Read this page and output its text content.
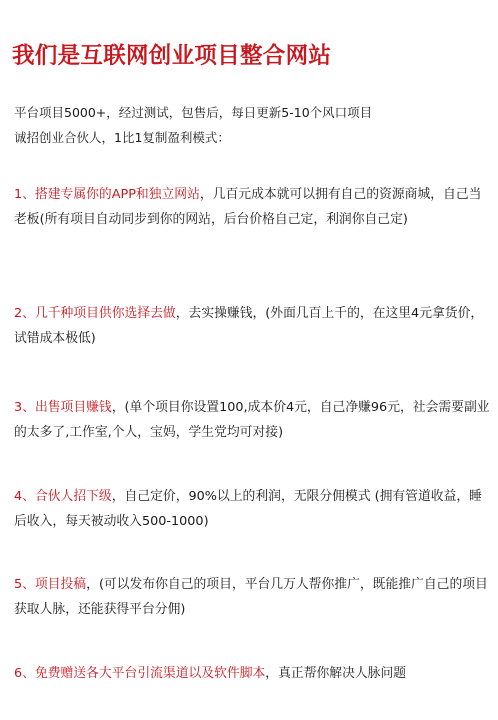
我们是互联网创业项目整合网站
平台项目5000+，经过测试，包售后，每日更新5-10个风口项目
诚招创业合伙人，1比1复制盈利模式：
1、搭建专属你的APP和独立网站，几百元成本就可以拥有自己的资源商城，自己当老板(所有项目自动同步到你的网站，后台价格自己定，利润你自己定)
2、几千种项目供你选择去做，去实操赚钱，(外面几百上千的，在这里4元拿货价，试错成本极低)
3、出售项目赚钱，(单个项目你设置100,成本价4元，自己净赚96元，社会需要副业的太多了,工作室,个人，宝妈，学生党均可对接)
4、合伙人招下级，自己定价，90%以上的利润，无限分佣模式 (拥有管道收益，睡后收入，每天被动收入500-1000)
5、项目投稿，(可以发布你自己的项目，平台几万人帮你推广，既能推广自己的项目获取人脉，还能获得平台分佣)
6、免费赠送各大平台引流渠道以及软件脚本，真正帮你解决人脉问题
